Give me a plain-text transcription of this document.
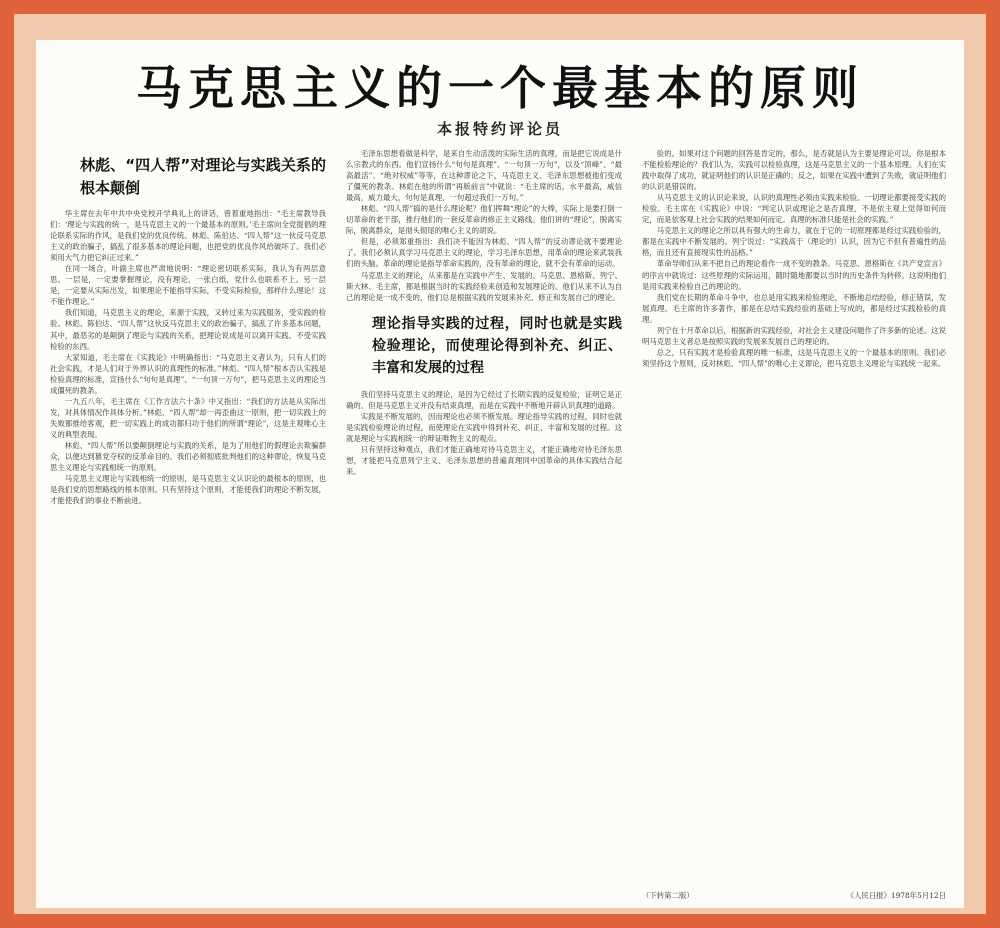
马克思主义的一个最基本的原则
本报特约评论员
林彪、“四人帮”对理论与实践关系的根本颠倒

华主席在去年中共中央党校开学典礼上的讲话，曾着重地指出：“毛主席教导我们：‘理论与实践的统一，是马克思主义的一个最基本的原则。’毛主席向全党提倡的理论联系实际的作风，是我们党的优良传统。林彪、陈伯达、“四人帮”这一伙反马克思主义的政治骗子，搞乱了很多基本的理论问题，也把党的优良作风给破坏了。我们必须用大气力把它纠正过来。”

在同一场合，叶副主席也严肃地说明：“理论密切联系实际，我认为有两层意思。一层是，一定要掌握理论，没有理论，一张白纸，党什么也联系不上。另一层是，一定要从实际出发，如果理论不能指导实际，不受实际检验，那样什么理论！这不能作理论。”

我们知道，马克思主义的理论，来源于实践，又转过来为实践服务，受实践的检验。林彪、陈伯达、“四人帮”这伙反马克思主义的政治骗子，搞乱了许多基本问题，其中，最恶劣的是颠倒了理论与实践的关系，把理论说成是可以离开实践、不受实践检验的东西。

大家知道，毛主席在《实践论》中明确指出：“马克思主义者认为，只有人们的社会实践，才是人们对于外界认识的真理性的标准。”林彪、“四人帮”根本否认实践是检验真理的标准，宣扬什么“句句是真理”、“一句顶一万句”，把马克思主义的理论当成僵死的教条。

一九五八年，毛主席在《工作方法六十条》中又指出：“我们的方法是从实际出发，对具体情况作具体分析。”林彪、“四人帮”却一再歪曲这一原则，把一切实践上的失败都推给客观，把一切实践上的成功都归功于他们的所谓“理论”，这是主观唯心主义的典型表现。

林彪、“四人帮”所以要颠倒理论与实践的关系，是为了用他们的假理论去欺骗群众，以便达到篡党夺权的反革命目的。我们必须彻底批判他们的这种谬论，恢复马克思主义理论与实践相统一的原则。

马克思主义理论与实践相统一的原则，是马克思主义认识论的最根本的原则，也是我们党的思想路线的根本原则。只有坚持这个原则，才能使我们的理论不断发展，才能使我们的事业不断前进。

毛泽东思想看做是科学，是来自生动活泼的实际生活的真理，而是把它说成是什么宗教式的东西。他们宣扬什么“句句是真理”、“一句顶一万句”，以及“顶峰”、“最高最活”、“绝对权威”等等，在这种谬论之下，马克思主义、毛泽东思想被他们变成了僵死的教条。林彪在他的所谓“再版前言”中就说：“毛主席的话，水平最高，威信最高，威力最大，句句是真理，一句超过我们一万句。”

林彪、“四人帮”搞的是什么理论呢？他们挥舞“理论”的大棒，实际上是要打倒一切革命的老干部，推行他们的一套反革命的修正主义路线。他们讲的“理论”，脱离实际，脱离群众，是彻头彻尾的唯心主义的胡说。

但是，必须郑重指出：我们决不能因为林彪、“四人帮”的反动谬论就不要理论了。我们必须认真学习马克思主义的理论，学习毛泽东思想，用革命的理论来武装我们的头脑。革命的理论是指导革命实践的，没有革命的理论，就不会有革命的运动。

马克思主义的理论，从来都是在实践中产生、发展的。马克思、恩格斯、列宁、斯大林、毛主席，都是根据当时的实践经验来创造和发展理论的。他们从来不认为自己的理论是一成不变的，他们总是根据实践的发展来补充、修正和发展自己的理论。

理论指导实践的过程，同时也就是实践检验理论，而使理论得到补充、纠正、丰富和发展的过程

我们坚持马克思主义的理论，是因为它经过了长期实践的反复检验，证明它是正确的。但是马克思主义并没有结束真理，而是在实践中不断地开辟认识真理的道路。

实践是不断发展的，因而理论也必须不断发展。理论指导实践的过程，同时也就是实践检验理论的过程，而使理论在实践中得到补充、纠正、丰富和发展的过程。这就是理论与实践相统一的辩证唯物主义的观点。

只有坚持这种观点，我们才能正确地对待马克思主义，才能正确地对待毛泽东思想，才能把马克思列宁主义、毛泽东思想的普遍真理同中国革命的具体实践结合起来。

验的。如果对这个问题的回答是肯定的，那么，是否就是认为主要是理论可以，你是根本不能检验理论的？我们认为，实践可以检验真理，这是马克思主义的一个基本原理。人们在实践中取得了成功，就证明他们的认识是正确的；反之，如果在实践中遭到了失败，就证明他们的认识是错误的。

从马克思主义的认识论来说，认识的真理性必须由实践来检验。一切理论都要接受实践的检验。毛主席在《实践论》中说：“判定认识或理论之是否真理，不是依主观上觉得如何而定，而是依客观上社会实践的结果如何而定。真理的标准只能是社会的实践。”

马克思主义的理论之所以具有强大的生命力，就在于它的一切原理都是经过实践检验的，都是在实践中不断发展的。列宁说过：“实践高于（理论的）认识，因为它不但有普遍性的品格，而且还有直接现实性的品格。”

革命导师们从来不把自己的理论看作一成不变的教条。马克思、恩格斯在《共产党宣言》的序言中就说过：这些原理的实际运用，随时随地都要以当时的历史条件为转移。这说明他们是用实践来检验自己的理论的。

我们党在长期的革命斗争中，也总是用实践来检验理论，不断地总结经验，修正错误，发展真理。毛主席的许多著作，都是在总结实践经验的基础上写成的，都是经过实践检验的真理。

列宁在十月革命以后，根据新的实践经验，对社会主义建设问题作了许多新的论述。这说明马克思主义者总是按照实践的发展来发展自己的理论的。

总之，只有实践才是检验真理的唯一标准，这是马克思主义的一个最基本的原则。我们必须坚持这个原则，反对林彪、“四人帮”的唯心主义谬论，把马克思主义理论与实践统一起来。

（下转第二版）	《人民日报》1978年5月12日
